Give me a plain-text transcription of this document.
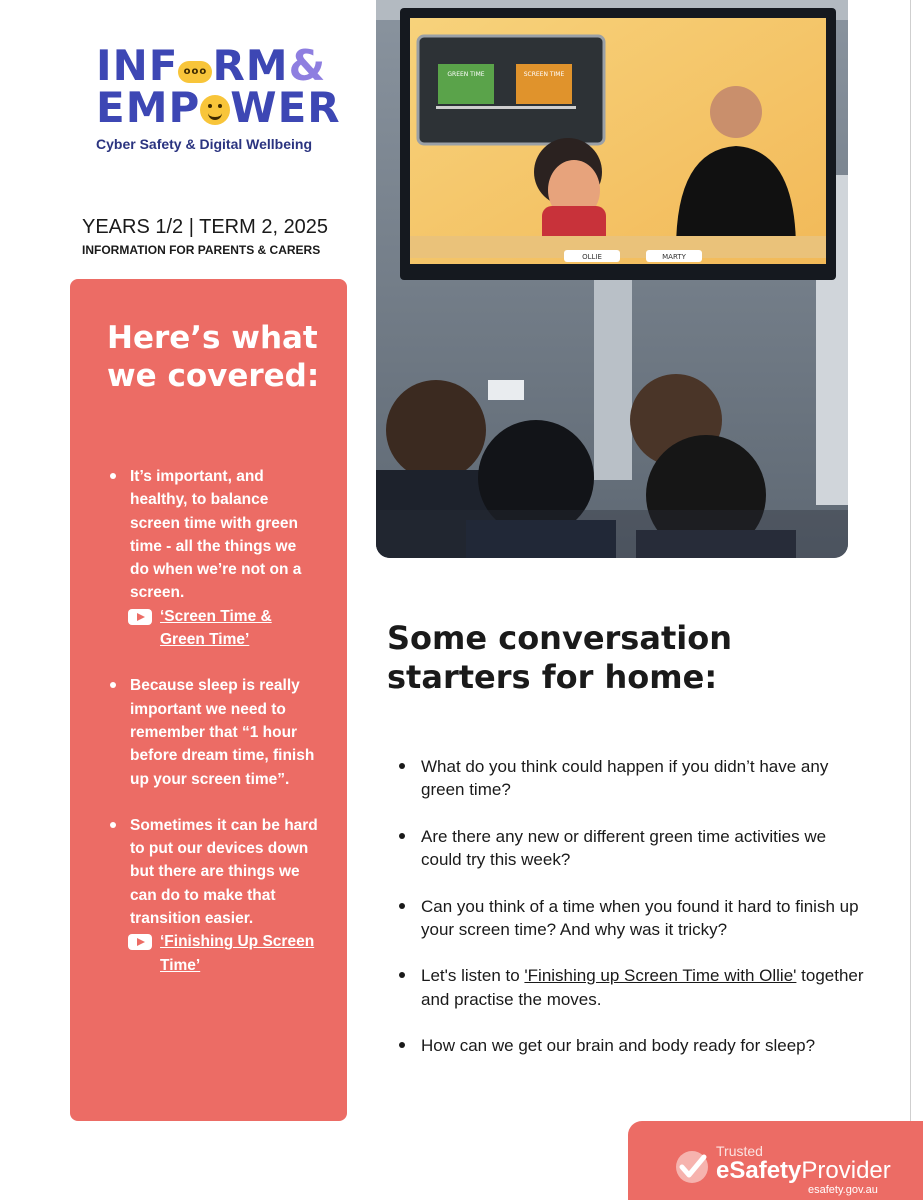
INF ooo RM&
EMP WER
Cyber Safety & Digital Wellbeing
YEARS 1/2 | TERM 2, 2025
INFORMATION FOR PARENTS & CARERS
Here’s what we covered:
It’s important, and healthy, to balance screen time with green time - all the things we do when we’re not on a screen.
‘Screen Time & Green Time’
Because sleep is really important we need to remember that “1 hour before dream time, finish up your screen time”.
Sometimes it can be hard to put our devices down but there are things we can do to make that transition easier.
‘Finishing Up Screen Time’
GREEN TIME	SCREEN TIME
OLLIE	MARTY
Some conversation starters for home:
What do you think could happen if you didn’t have any green time?
Are there any new or different green time activities we could try this week?
Can you think of a time when you found it hard to finish up your screen time? And why was it tricky?
Let's listen to 'Finishing up Screen Time with Ollie' together and practise the moves.
How can we get our brain and body ready for sleep?
Trusted
eSafetyProvider
esafety.gov.au
